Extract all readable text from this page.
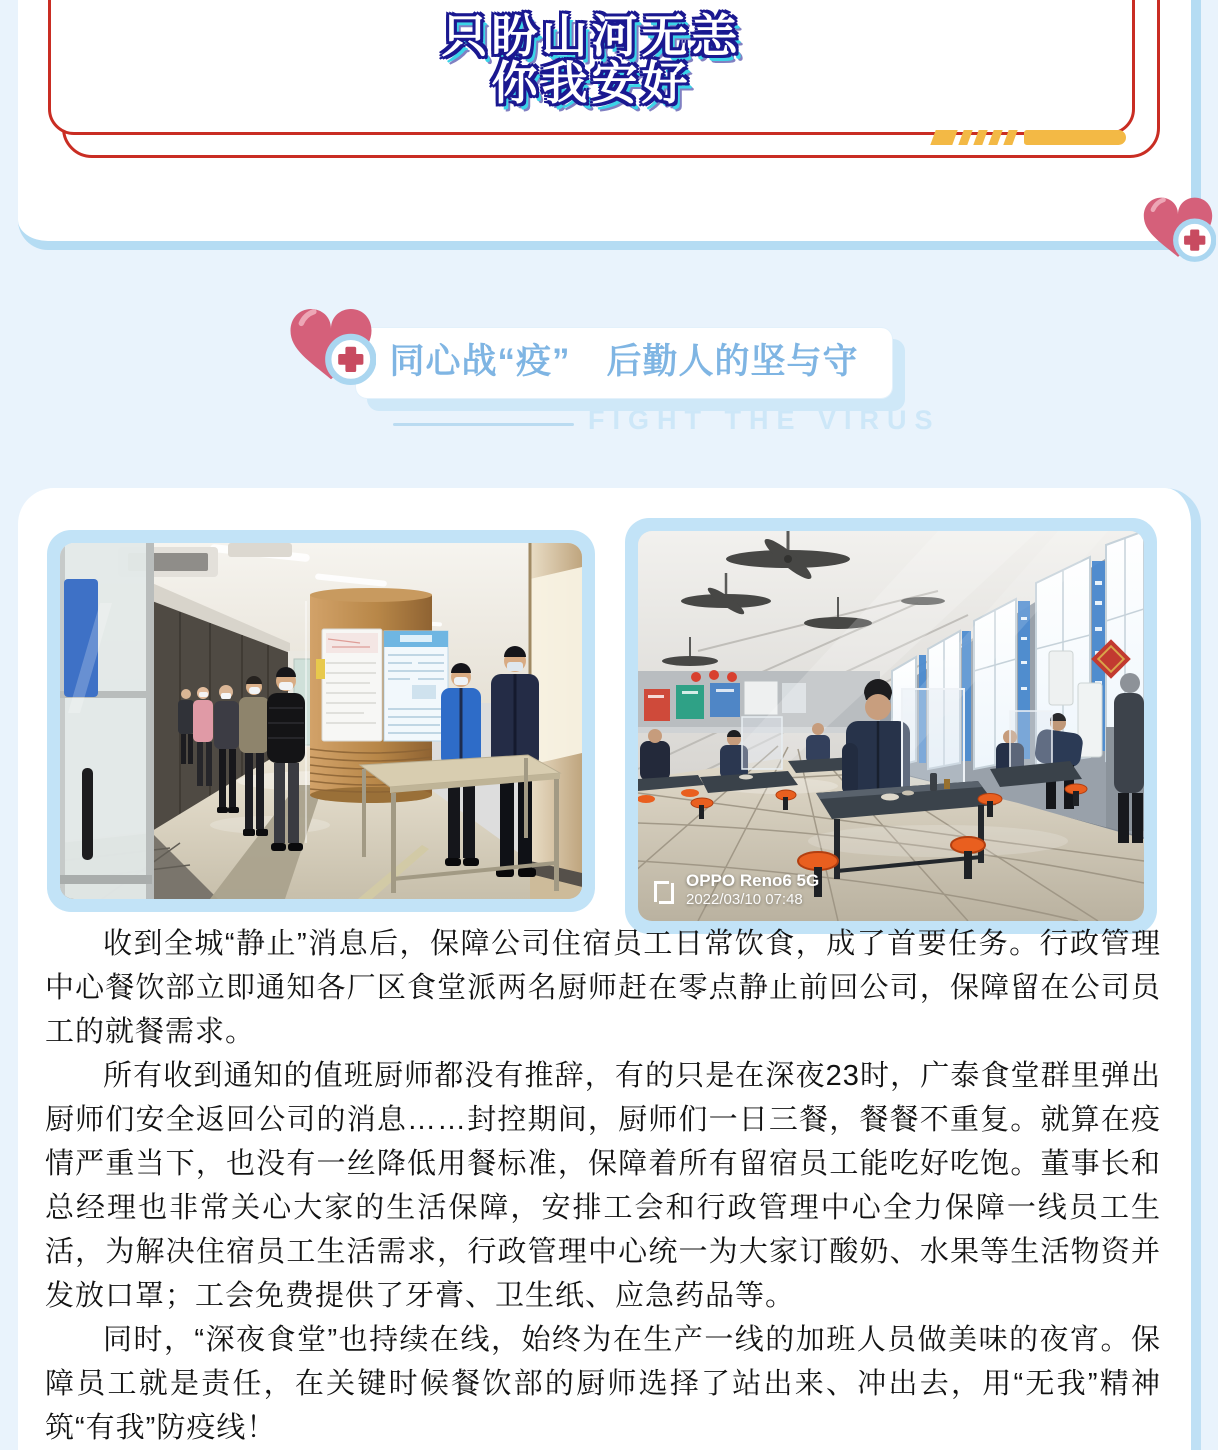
只盼山河无恙
你我安好
同心战“疫”　后勤人的坚与守
FIGHT THE VIRUS
OPPO Reno6 5G
2022/03/10 07:48

收到全城“静止”消息后，保障公司住宿员工日常饮食，成了首要任务。行政管理中心餐饮部立即通知各厂区食堂派两名厨师赶在零点静止前回公司，保障留在公司员工的就餐需求。

所有收到通知的值班厨师都没有推辞，有的只是在深夜23时，广泰食堂群里弹出厨师们安全返回公司的消息……封控期间，厨师们一日三餐，餐餐不重复。就算在疫情严重当下，也没有一丝降低用餐标准，保障着所有留宿员工能吃好吃饱。董事长和总经理也非常关心大家的生活保障，安排工会和行政管理中心全力保障一线员工生活，为解决住宿员工生活需求，行政管理中心统一为大家订酸奶、水果等生活物资并发放口罩；工会免费提供了牙膏、卫生纸、应急药品等。

同时，“深夜食堂”也持续在线，始终为在生产一线的加班人员做美味的夜宵。保障员工就是责任，在关键时候餐饮部的厨师选择了站出来、冲出去，用“无我”精神筑“有我”防疫线！
